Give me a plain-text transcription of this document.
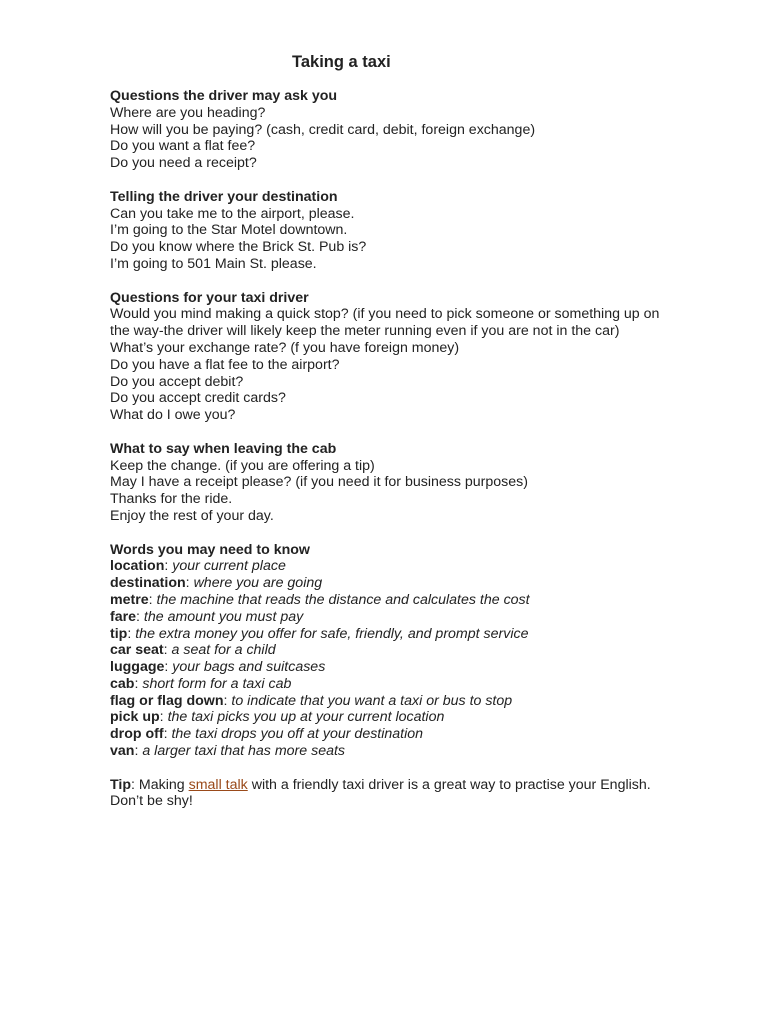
Taking a taxi
Questions the driver may ask you
Where are you heading?
How will you be paying? (cash, credit card, debit, foreign exchange)
Do you want a flat fee?
Do you need a receipt?
Telling the driver your destination
Can you take me to the airport, please.
I’m going to the Star Motel downtown.
Do you know where the Brick St. Pub is?
I’m going to 501 Main St. please.
Questions for your taxi driver
Would you mind making a quick stop? (if you need to pick someone or something up on the way-the driver will likely keep the meter running even if you are not in the car)
What’s your exchange rate? (f you have foreign money)
Do you have a flat fee to the airport?
Do you accept debit?
Do you accept credit cards?
What do I owe you?
What to say when leaving the cab
Keep the change. (if you are offering a tip)
May I have a receipt please? (if you need it for business purposes)
Thanks for the ride.
Enjoy the rest of your day.
Words you may need to know
location: your current place
destination: where you are going
metre: the machine that reads the distance and calculates the cost
fare: the amount you must pay
tip: the extra money you offer for safe, friendly, and prompt service
car seat: a seat for a child
luggage: your bags and suitcases
cab: short form for a taxi cab
flag or flag down: to indicate that you want a taxi or bus to stop
pick up: the taxi picks you up at your current location
drop off: the taxi drops you off at your destination
van: a larger taxi that has more seats
Tip: Making small talk with a friendly taxi driver is a great way to practise your English. Don’t be shy!
